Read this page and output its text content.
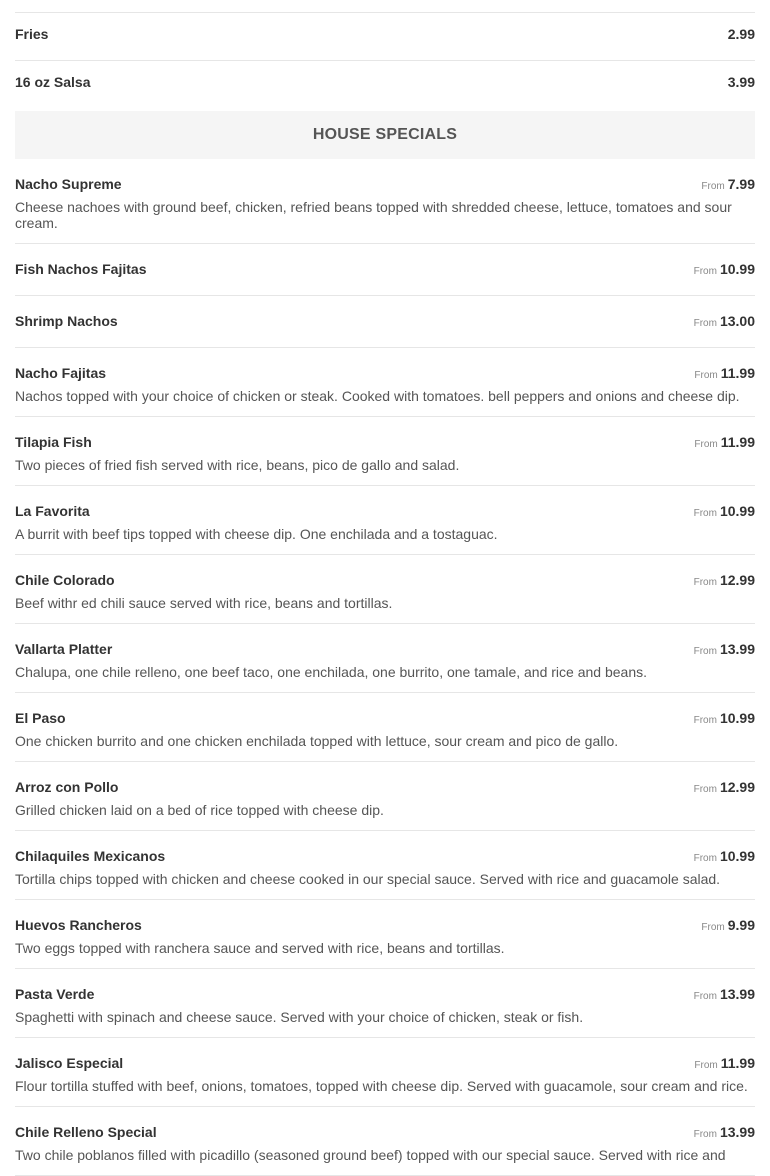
Fries	2.99
16 oz Salsa	3.99
HOUSE SPECIALS
Nacho Supreme	From 7.99
Cheese nachoes with ground beef, chicken, refried beans topped with shredded cheese, lettuce, tomatoes and sour cream.
Fish Nachos Fajitas	From 10.99
Shrimp Nachos	From 13.00
Nacho Fajitas	From 11.99
Nachos topped with your choice of chicken or steak. Cooked with tomatoes. bell peppers and onions and cheese dip.
Tilapia Fish	From 11.99
Two pieces of fried fish served with rice, beans, pico de gallo and salad.
La Favorita	From 10.99
A burrit with beef tips topped with cheese dip. One enchilada and a tostaguac.
Chile Colorado	From 12.99
Beef withr ed chili sauce served with rice, beans and tortillas.
Vallarta Platter	From 13.99
Chalupa, one chile relleno, one beef taco, one enchilada, one burrito, one tamale, and rice and beans.
El Paso	From 10.99
One chicken burrito and one chicken enchilada topped with lettuce, sour cream and pico de gallo.
Arroz con Pollo	From 12.99
Grilled chicken laid on a bed of rice topped with cheese dip.
Chilaquiles Mexicanos	From 10.99
Tortilla chips topped with chicken and cheese cooked in our special sauce. Served with rice and guacamole salad.
Huevos Rancheros	From 9.99
Two eggs topped with ranchera sauce and served with rice, beans and tortillas.
Pasta Verde	From 13.99
Spaghetti with spinach and cheese sauce. Served with your choice of chicken, steak or fish.
Jalisco Especial	From 11.99
Flour tortilla stuffed with beef, onions, tomatoes, topped with cheese dip. Served with guacamole, sour cream and rice.
Chile Relleno Special	From 13.99
Two chile poblanos filled with picadillo (seasoned ground beef) topped with our special sauce. Served with rice and
